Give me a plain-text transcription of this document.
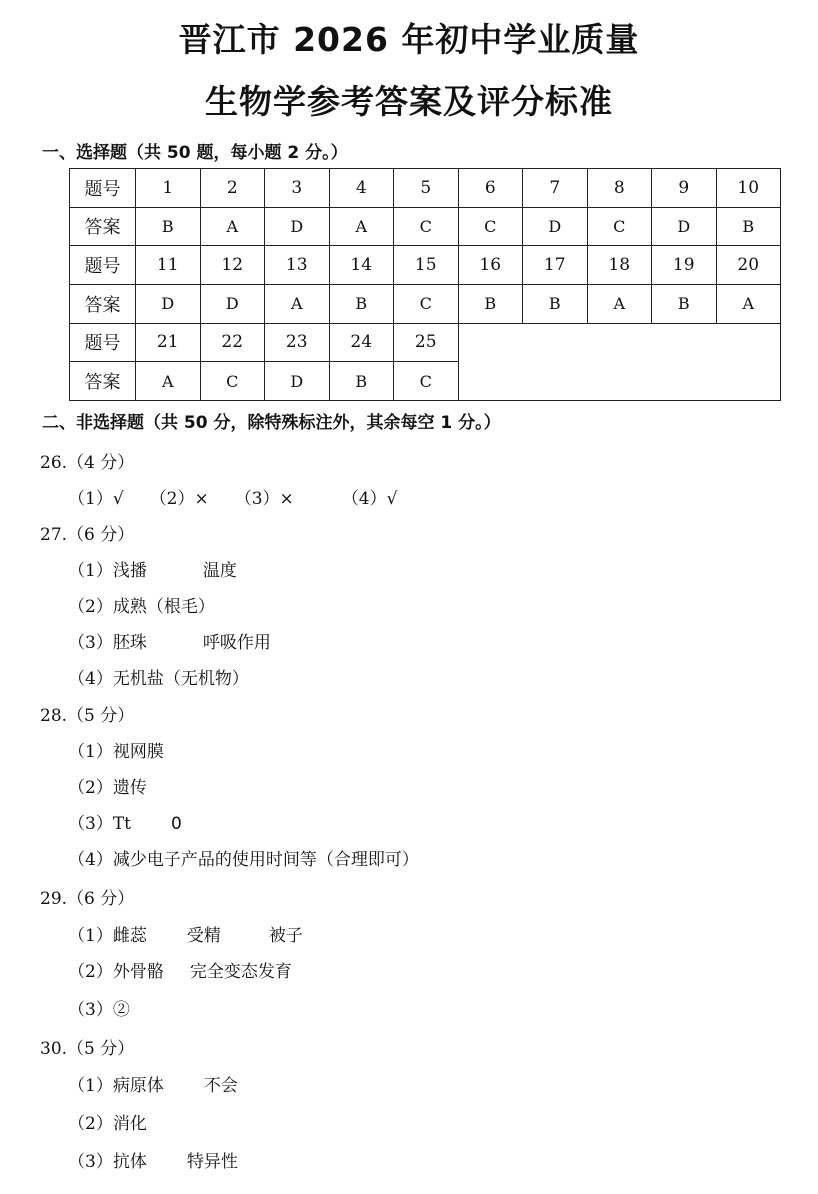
晋江市 2026 年初中学业质量
生物学参考答案及评分标准
一、选择题（共 50 题，每小题 2 分。）
题号	1	2	3	4	5	6	7	8	9	10
答案	B	A	D	A	C	C	D	C	D	B
题号	11	12	13	14	15	16	17	18	19	20
答案	D	D	A	B	C	B	B	A	B	A
题号	21	22	23	24	25					
答案	A	C	D	B	C					
二、非选择题（共 50 分，除特殊标注外，其余每空 1 分。）
26.（4 分）
（1）√ （2）× （3）×	（4）√
27.（6 分）
（1）浅播	温度
（2）成熟（根毛）
（3）胚珠	呼吸作用
（4）无机盐（无机物）
28.（5 分）
（1）视网膜
（2）遗传
（3）Tt 0
（4）减少电子产品的使用时间等（合理即可）
29.（6 分）
（1）雌蕊 受精	被子
（2）外骨骼 完全变态发育
（3）②
30.（5 分）
（1）病原体 不会
（2）消化
（3）抗体 特异性
